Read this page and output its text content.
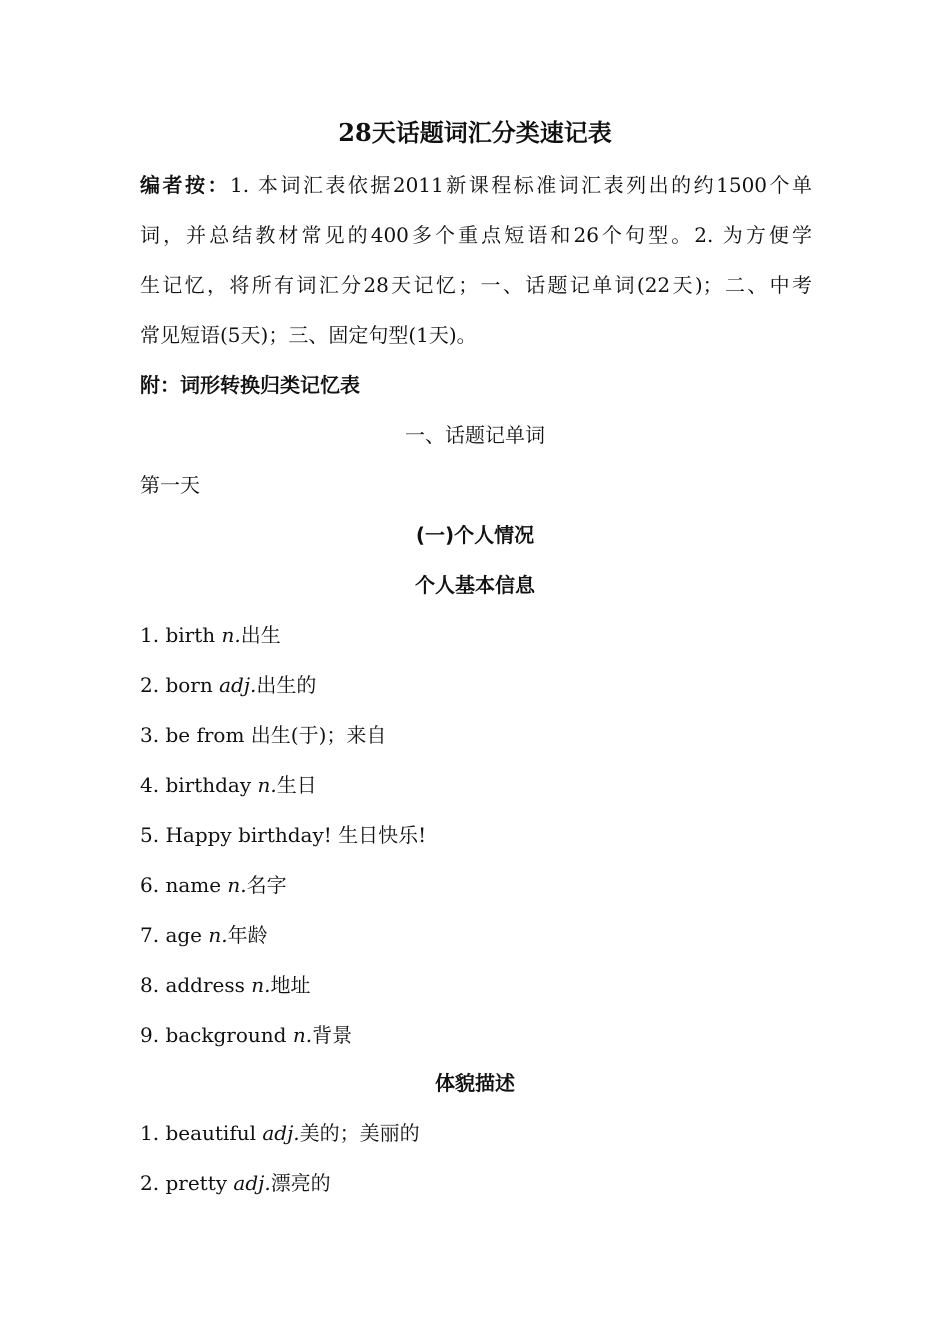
28天话题词汇分类速记表
编者按：1. 本词汇表依据2011新课程标准词汇表列出的约1500个单
词，并总结教材常见的400多个重点短语和26个句型。2. 为方便学
生记忆，将所有词汇分28天记忆；一、话题记单词(22天)；二、中考
常见短语(5天)；三、固定句型(1天)。
附：词形转换归类记忆表
一、话题记单词
第一天
(一)个人情况
个人基本信息
1. birth n.出生
2. born adj.出生的
3. be from 出生(于)；来自
4. birthday n.生日
5. Happy birthday! 生日快乐!
6. name n.名字
7. age n.年龄
8. address n.地址
9. background n.背景
体貌描述
1. beautiful adj.美的；美丽的
2. pretty adj.漂亮的
